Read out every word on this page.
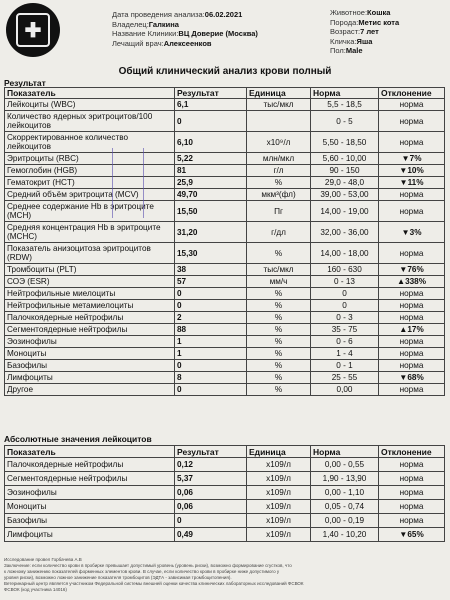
✚
Дата проведения анализа:06.02.2021
Владелец:Галкина
Название Клиники:ВЦ Доверие (Москва)
Лечащий врач:Алексеенков
Животное:Кошка
Порода:Метис кота
Возраст:7 лет
Кличка:Яша
Пол:Male
Общий клинический анализ крови полный
Результат
Показатель	Результат	Единица	Норма	Отклонение
Лейкоциты (WBC)	6,1	тыс/мкл	5,5 - 18,5	норма
Количество ядерных эритроцитов/100 лейкоцитов	0		0 - 5	норма
Скорректированное количество лейкоцитов	6,10	х10⁹/л	5,50 - 18,50	норма
Эритроциты (RBC)	5,22	млн/мкл	5,60 - 10,00	▼7%
Гемоглобин (HGB)	81	г/л	90 - 150	▼10%
Гематокрит (HCT)	25,9	%	29,0 - 48,0	▼11%
Средний объём эритроцита (MCV)	49,70	мкм³(фл)	39,00 - 53,00	норма
Среднее содержание Hb в эритроците (MCH)	15,50	Пг	14,00 - 19,00	норма
Средняя концентрация Hb в эритроците (MCHC)	31,20	г/дл	32,00 - 36,00	▼3%
Показатель анизоцитоза эритроцитов (RDW)	15,30	%	14,00 - 18,00	норма
Тромбоциты (PLT)	38	тыс/мкл	160 - 630	▼76%
СОЭ (ESR)	57	мм/ч	0 - 13	▲338%
Нейтрофильные миелоциты	0	%	0	норма
Нейтрофильные метамиелоциты	0	%	0	норма
Палочкоядерные нейтрофилы	2	%	0 - 3	норма
Сегментоядерные нейтрофилы	88	%	35 - 75	▲17%
Эозинофилы	1	%	0 - 6	норма
Моноциты	1	%	1 - 4	норма
Базофилы	0	%	0 - 1	норма
Лимфоциты	8	%	25 - 55	▼68%
Другое	0	%	0,00	норма
Абсолютные значения лейкоцитов
Показатель	Результат	Единица	Норма	Отклонение
Палочкоядерные нейтрофилы	0,12	х109/л	0,00 - 0,55	норма
Сегментоядерные нейтрофилы	5,37	х109/л	1,90 - 13,90	норма
Эозинофилы	0,06	х109/л	0,00 - 1,10	норма
Моноциты	0,06	х109/л	0,05 - 0,74	норма
Базофилы	0	х109/л	0,00 - 0,19	норма
Лимфоциты	0,49	х109/л	1,40 - 10,20	▼65%
Исследование провел Горбачева А.В
Заключение: если количество крови в пробирке превышает допустимый уровень (уровень риски), возможно формирование сгустков, что
к ложному занижению показателей форменных элементов крови. В случае, если количество крови в пробирке ниже допустимого у
уровня риски), возможно ложное занижение показателя тромбоцитов (ЭДТА - зависимая тромбоцитопения).
Ветеринарный центр является участником Федеральной системы внешней оценки качества клинических лабораторных исследований ФСВОК
ФСВОК (код участника 14016)
